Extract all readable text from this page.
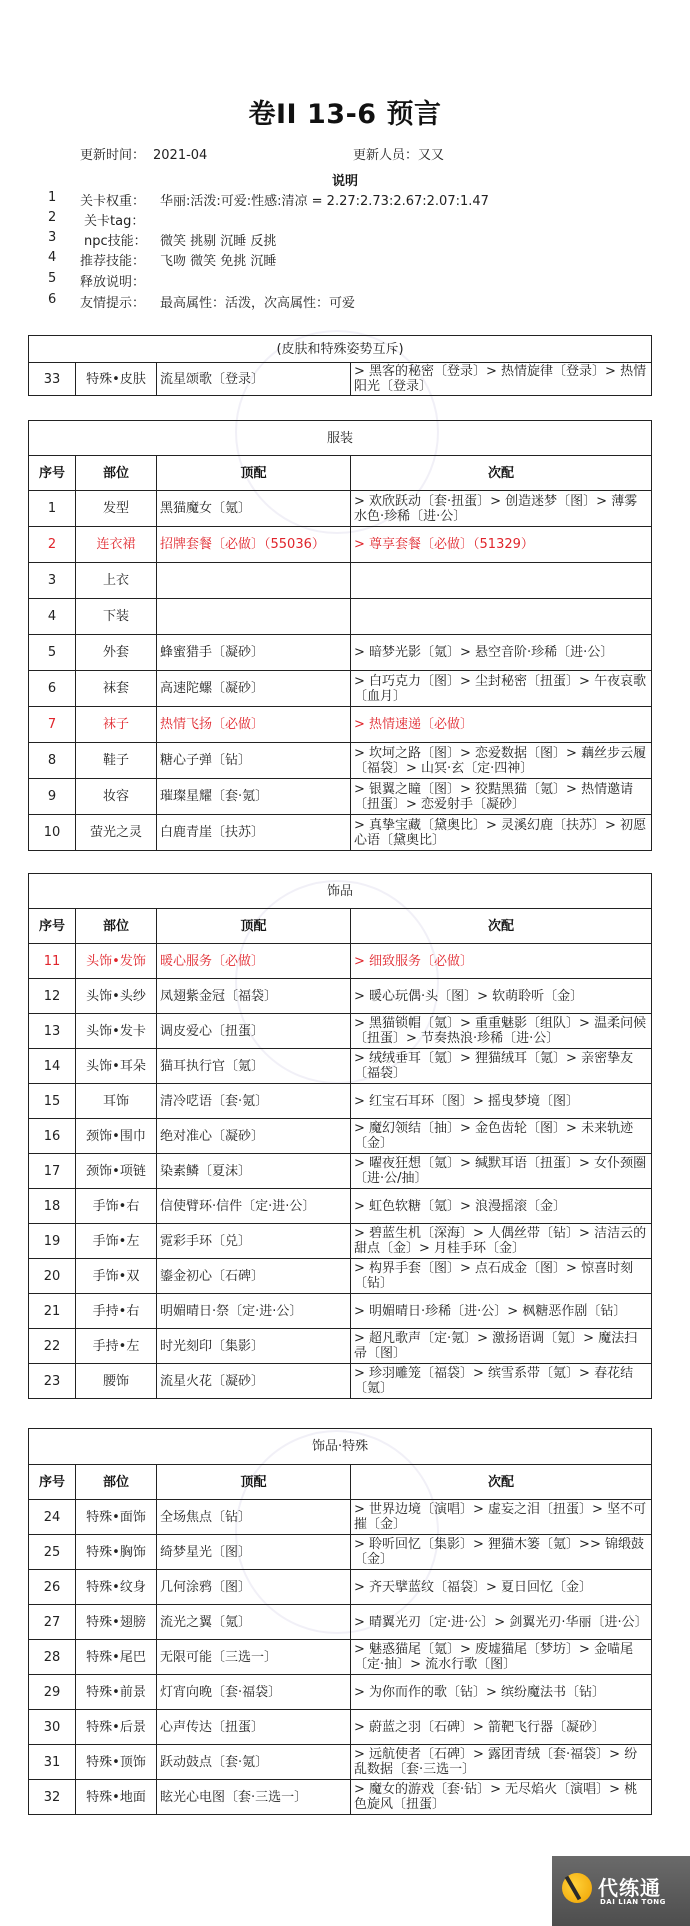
卷II 13-6 预言
更新时间： 2021-04	更新人员：又又
说明
1	关卡权重： 华丽:活泼:可爱:性感:清凉 = 2.27:2.73:2.67:2.07:1.47
2	关卡tag：
3	npc技能： 微笑 挑剔 沉睡 反挑
4	推荐技能： 飞吻 微笑 免挑 沉睡
5	释放说明：
6	友情提示： 最高属性：活泼，次高属性：可爱
(皮肤和特殊姿势互斥)
33	特殊•皮肤	流星颂歌〔登录〕	> 黑客的秘密〔登录〕> 热情旋律〔登录〕> 热情阳光〔登录〕
服装			
序号	部位	顶配	次配
1	发型	黑猫魔女〔氪〕	> 欢欣跃动〔套·扭蛋〕> 创造迷梦〔图〕> 薄雾水色·珍稀〔进·公〕
2	连衣裙	招牌套餐〔必做〕（55036）	> 尊享套餐〔必做〕（51329）
3	上衣		
4	下装		
5	外套	蜂蜜猎手〔凝砂〕	> 暗梦光影〔氪〕> 悬空音阶·珍稀〔进·公〕
6	袜套	高速陀螺〔凝砂〕	> 白巧克力〔图〕> 尘封秘密〔扭蛋〕> 午夜哀歌〔血月〕
7	袜子	热情飞扬〔必做〕	> 热情速递〔必做〕
8	鞋子	糖心子弹〔钻〕	> 坎坷之路〔图〕> 恋爱数据〔图〕> 藕丝步云履〔福袋〕> 山冥·玄〔定·四神〕
9	妆容	璀璨星耀〔套·氪〕	> 银翼之瞳〔图〕> 狡黠黑猫〔氪〕> 热情邀请〔扭蛋〕> 恋爱射手〔凝砂〕
10	萤光之灵	白鹿青崖〔扶苏〕	> 真挚宝藏〔黛奥比〕> 灵溪幻鹿〔扶苏〕> 初愿心语〔黛奥比〕
饰品			
序号	部位	顶配	次配
11	头饰•发饰	暖心服务〔必做〕	> 细致服务〔必做〕
12	头饰•头纱	凤翅紫金冠〔福袋〕	> 暖心玩偶·头〔图〕> 软萌聆听〔金〕
13	头饰•发卡	调皮爱心〔扭蛋〕	> 黑猫锁帽〔氪〕> 重重魅影〔组队〕> 温柔问候〔扭蛋〕> 节奏热浪·珍稀〔进·公〕
14	头饰•耳朵	猫耳执行官〔氪〕	> 绒绒垂耳〔氪〕> 狸猫绒耳〔氪〕> 亲密挚友〔福袋〕
15	耳饰	清冷呓语〔套·氪〕	> 红宝石耳环〔图〕> 摇曳梦境〔图〕
16	颈饰•围巾	绝对准心〔凝砂〕	> 魔幻领结〔抽〕> 金色齿轮〔图〕> 未来轨迹〔金〕
17	颈饰•项链	染素鳞〔夏沫〕	> 曜夜狂想〔氪〕> 缄默耳语〔扭蛋〕> 女仆颈圈〔进·公/抽〕
18	手饰•右	信使臂环·信件〔定·进·公〕	> 虹色软糖〔氪〕> 浪漫摇滚〔金〕
19	手饰•左	霓彩手环〔兑〕	> 碧蓝生机〔深海〕> 人偶丝带〔钻〕> 洁洁云的甜点〔金〕> 月桂手环〔金〕
20	手饰•双	鎏金初心〔石碑〕	> 构界手套〔图〕> 点石成金〔图〕> 惊喜时刻〔钻〕
21	手持•右	明媚晴日·祭〔定·进·公〕	> 明媚晴日·珍稀〔进·公〕> 枫糖恶作剧〔钻〕
22	手持•左	时光刻印〔集影〕	> 超凡歌声〔定·氪〕> 激扬语调〔氪〕> 魔法扫帚〔图〕
23	腰饰	流星火花〔凝砂〕	> 珍羽雕笼〔福袋〕> 缤雪系带〔氪〕> 春花结〔氪〕
饰品·特殊			
序号	部位	顶配	次配
24	特殊•面饰	全场焦点〔钻〕	> 世界边境〔演唱〕> 虚妄之泪〔扭蛋〕> 坚不可摧〔金〕
25	特殊•胸饰	绮梦星光〔图〕	> 聆听回忆〔集影〕> 狸猫木篓〔氪〕>> 锦缎鼓〔金〕
26	特殊•纹身	几何涂鸦〔图〕	> 齐天擘蓝纹〔福袋〕> 夏日回忆〔金〕
27	特殊•翅膀	流光之翼〔氪〕	> 晴翼光刃〔定·进·公〕> 剑翼光刃·华丽〔进·公〕
28	特殊•尾巴	无限可能〔三选一〕	> 魅惑猫尾〔氪〕> 废墟猫尾〔梦坊〕> 金喵尾〔定·抽〕> 流水行歌〔图〕
29	特殊•前景	灯宵向晚〔套·福袋〕	> 为你而作的歌〔钻〕> 缤纷魔法书〔钻〕
30	特殊•后景	心声传达〔扭蛋〕	> 蔚蓝之羽〔石碑〕> 箭靶飞行器〔凝砂〕
31	特殊•顶饰	跃动鼓点〔套·氪〕	> 远航使者〔石碑〕> 露团青绒〔套·福袋〕> 纷乱数据〔套·三选一〕
32	特殊•地面	眩光心电图〔套·三选一〕	> 魔女的游戏〔套·钻〕> 无尽焰火〔演唱〕> 桃色旋风〔扭蛋〕
代练通
DAI LIAN TONG
